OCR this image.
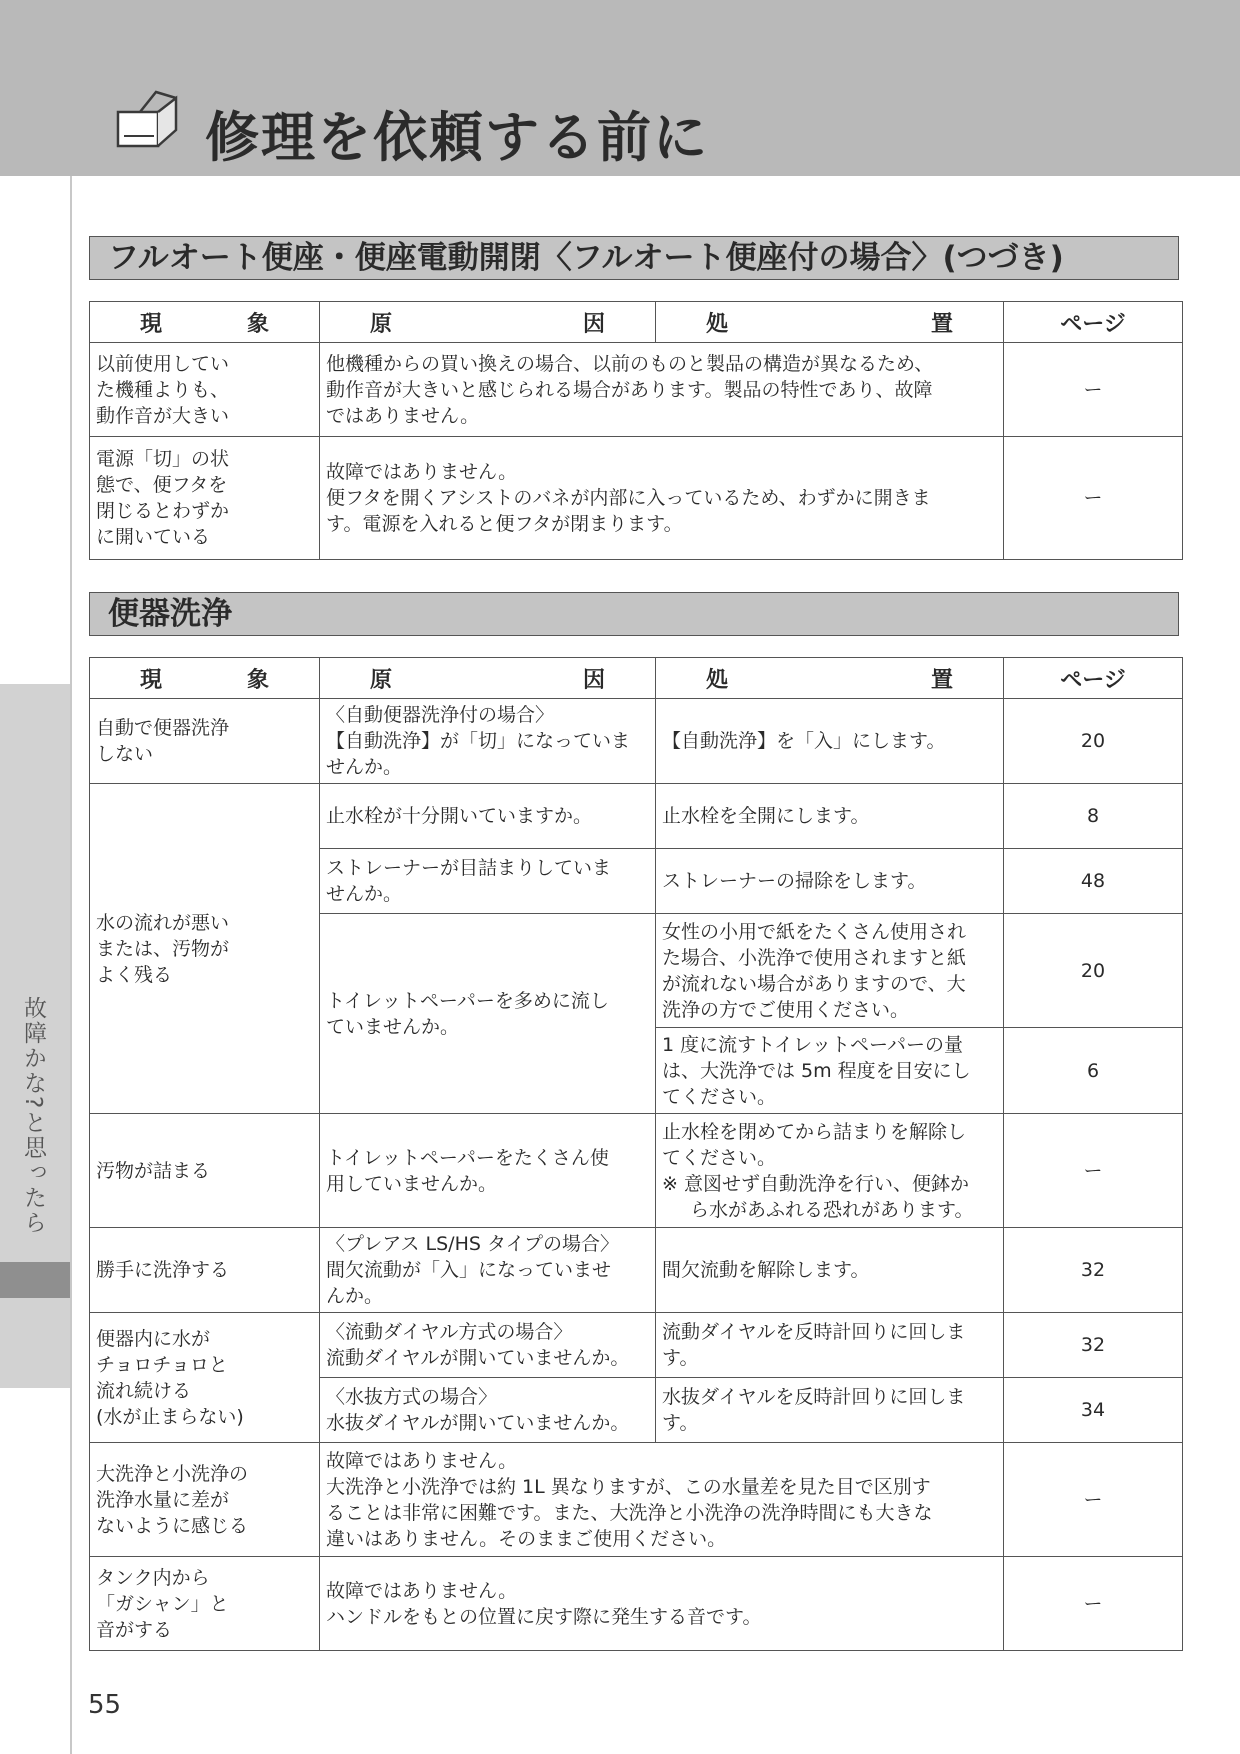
修理を依頼する前に
故障かな?と思ったら
フルオート便座・便座電動開閉〈フルオート便座付の場合〉(つづき)
現 象	原 因	処 置	ページ
以前使用してい
た機種よりも、
動作音が大きい	他機種からの買い換えの場合、以前のものと製品の構造が異なるため、
動作音が大きいと感じられる場合があります。製品の特性であり、故障
ではありません。		ー
電源「切」の状
態で、便フタを
閉じるとわずか
に開いている	故障ではありません。
便フタを開くアシストのバネが内部に入っているため、わずかに開きま
す。電源を入れると便フタが閉まります。		ー
便器洗浄
現 象	原 因	処 置	ページ
自動で便器洗浄
しない	〈自動便器洗浄付の場合〉
【自動洗浄】が「切」になっていま
せんか。	【自動洗浄】を「入」にします。	20
水の流れが悪い
または、汚物が
よく残る	止水栓が十分開いていますか。	止水栓を全開にします。	8
	ストレーナーが目詰まりしていま
せんか。	ストレーナーの掃除をします。	48
	トイレットペーパーを多めに流し
ていませんか。	女性の小用で紙をたくさん使用され
た場合、小洗浄で使用されますと紙
が流れない場合がありますので、大
洗浄の方でご使用ください。	20
		1 度に流すトイレットペーパーの量
は、大洗浄では 5m 程度を目安にし
てください。	6
汚物が詰まる	トイレットペーパーをたくさん使
用していませんか。	止水栓を閉めてから詰まりを解除し
てください。
※ 意図せず自動洗浄を行い、便鉢か
ら水があふれる恐れがあります。	ー
勝手に洗浄する	〈プレアス LS/HS タイプの場合〉
間欠流動が「入」になっていませ
んか。	間欠流動を解除します。	32
便器内に水が
チョロチョロと
流れ続ける
(水が止まらない)	〈流動ダイヤル方式の場合〉
流動ダイヤルが開いていませんか。	流動ダイヤルを反時計回りに回しま
す。	32
	〈水抜方式の場合〉
水抜ダイヤルが開いていませんか。	水抜ダイヤルを反時計回りに回しま
す。	34
大洗浄と小洗浄の
洗浄水量に差が
ないように感じる	故障ではありません。
大洗浄と小洗浄では約 1L 異なりますが、この水量差を見た目で区別す
ることは非常に困難です。また、大洗浄と小洗浄の洗浄時間にも大きな
違いはありません。そのままご使用ください。		ー
タンク内から
「ガシャン」と
音がする	故障ではありません。
ハンドルをもとの位置に戻す際に発生する音です。		ー
55
